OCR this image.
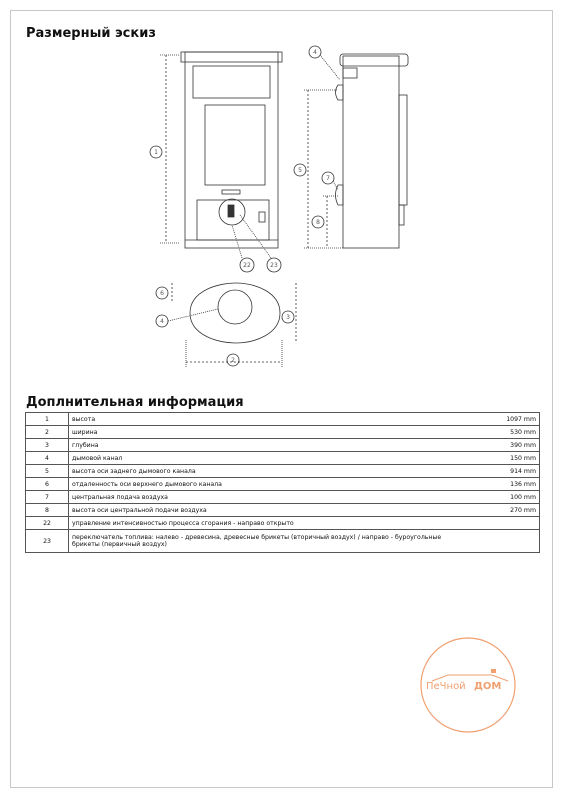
Размерный эскиз
1
5
8
7
4
22	23
2
3
6
4
Доплнительная информация
1	высота	1097 mm
2	ширина	530 mm
3	глубина	390 mm
4	дымовой канал	150 mm
5	высота оси заднего дымового канала	914 mm
6	отдаленность оси верхнего дымового канала	136 mm
7	центральная подача воздуха	100 mm
8	высота оси центральной подачи воздуха	270 mm
22	управление интенсивностью процесса сгорания - направо открыто	
23	переключатель топлива: налево - древесина, древесные брикеты (вторичный воздух) / направо - буроугольные брикеты (первичный воздух)	
ПеЧной ДОМ
